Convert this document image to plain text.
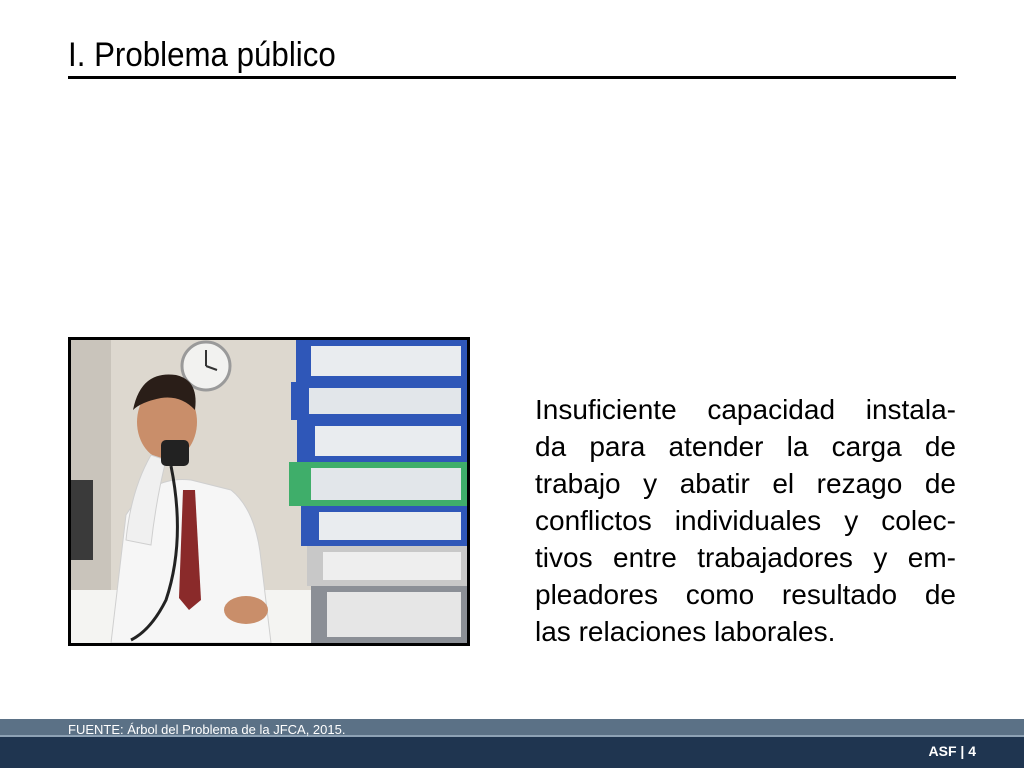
I. Problema público
Insuficiente capacidad instala-
da para atender la carga de
trabajo y abatir el rezago de
conflictos individuales y colec-
tivos entre trabajadores y em-
pleadores como resultado de
las relaciones laborales.
FUENTE: Árbol del Problema de la JFCA, 2015.
ASF | 4
